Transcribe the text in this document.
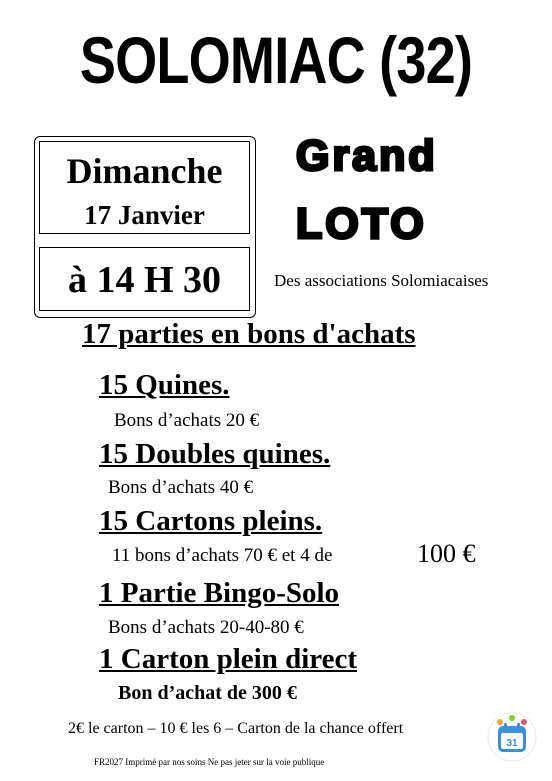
SOLOMIAC (32)
Dimanche
17 Janvier
à 14 H 30
Grand
LOTO
Des associations Solomiacaises
17 parties en bons d'achats
15 Quines.
Bons d’achats 20 €
15 Doubles quines.
Bons d’achats 40 €
15 Cartons pleins.
11 bons d’achats 70 € et 4 de	100 €
1 Partie Bingo-Solo
Bons d’achats 20-40-80 €
1 Carton plein direct
Bon d’achat de 300 €
2€ le carton – 10 € les 6 – Carton de la chance offert
FR2027 Imprimé par nos soins Ne pas jeter sur la voie publique
31
